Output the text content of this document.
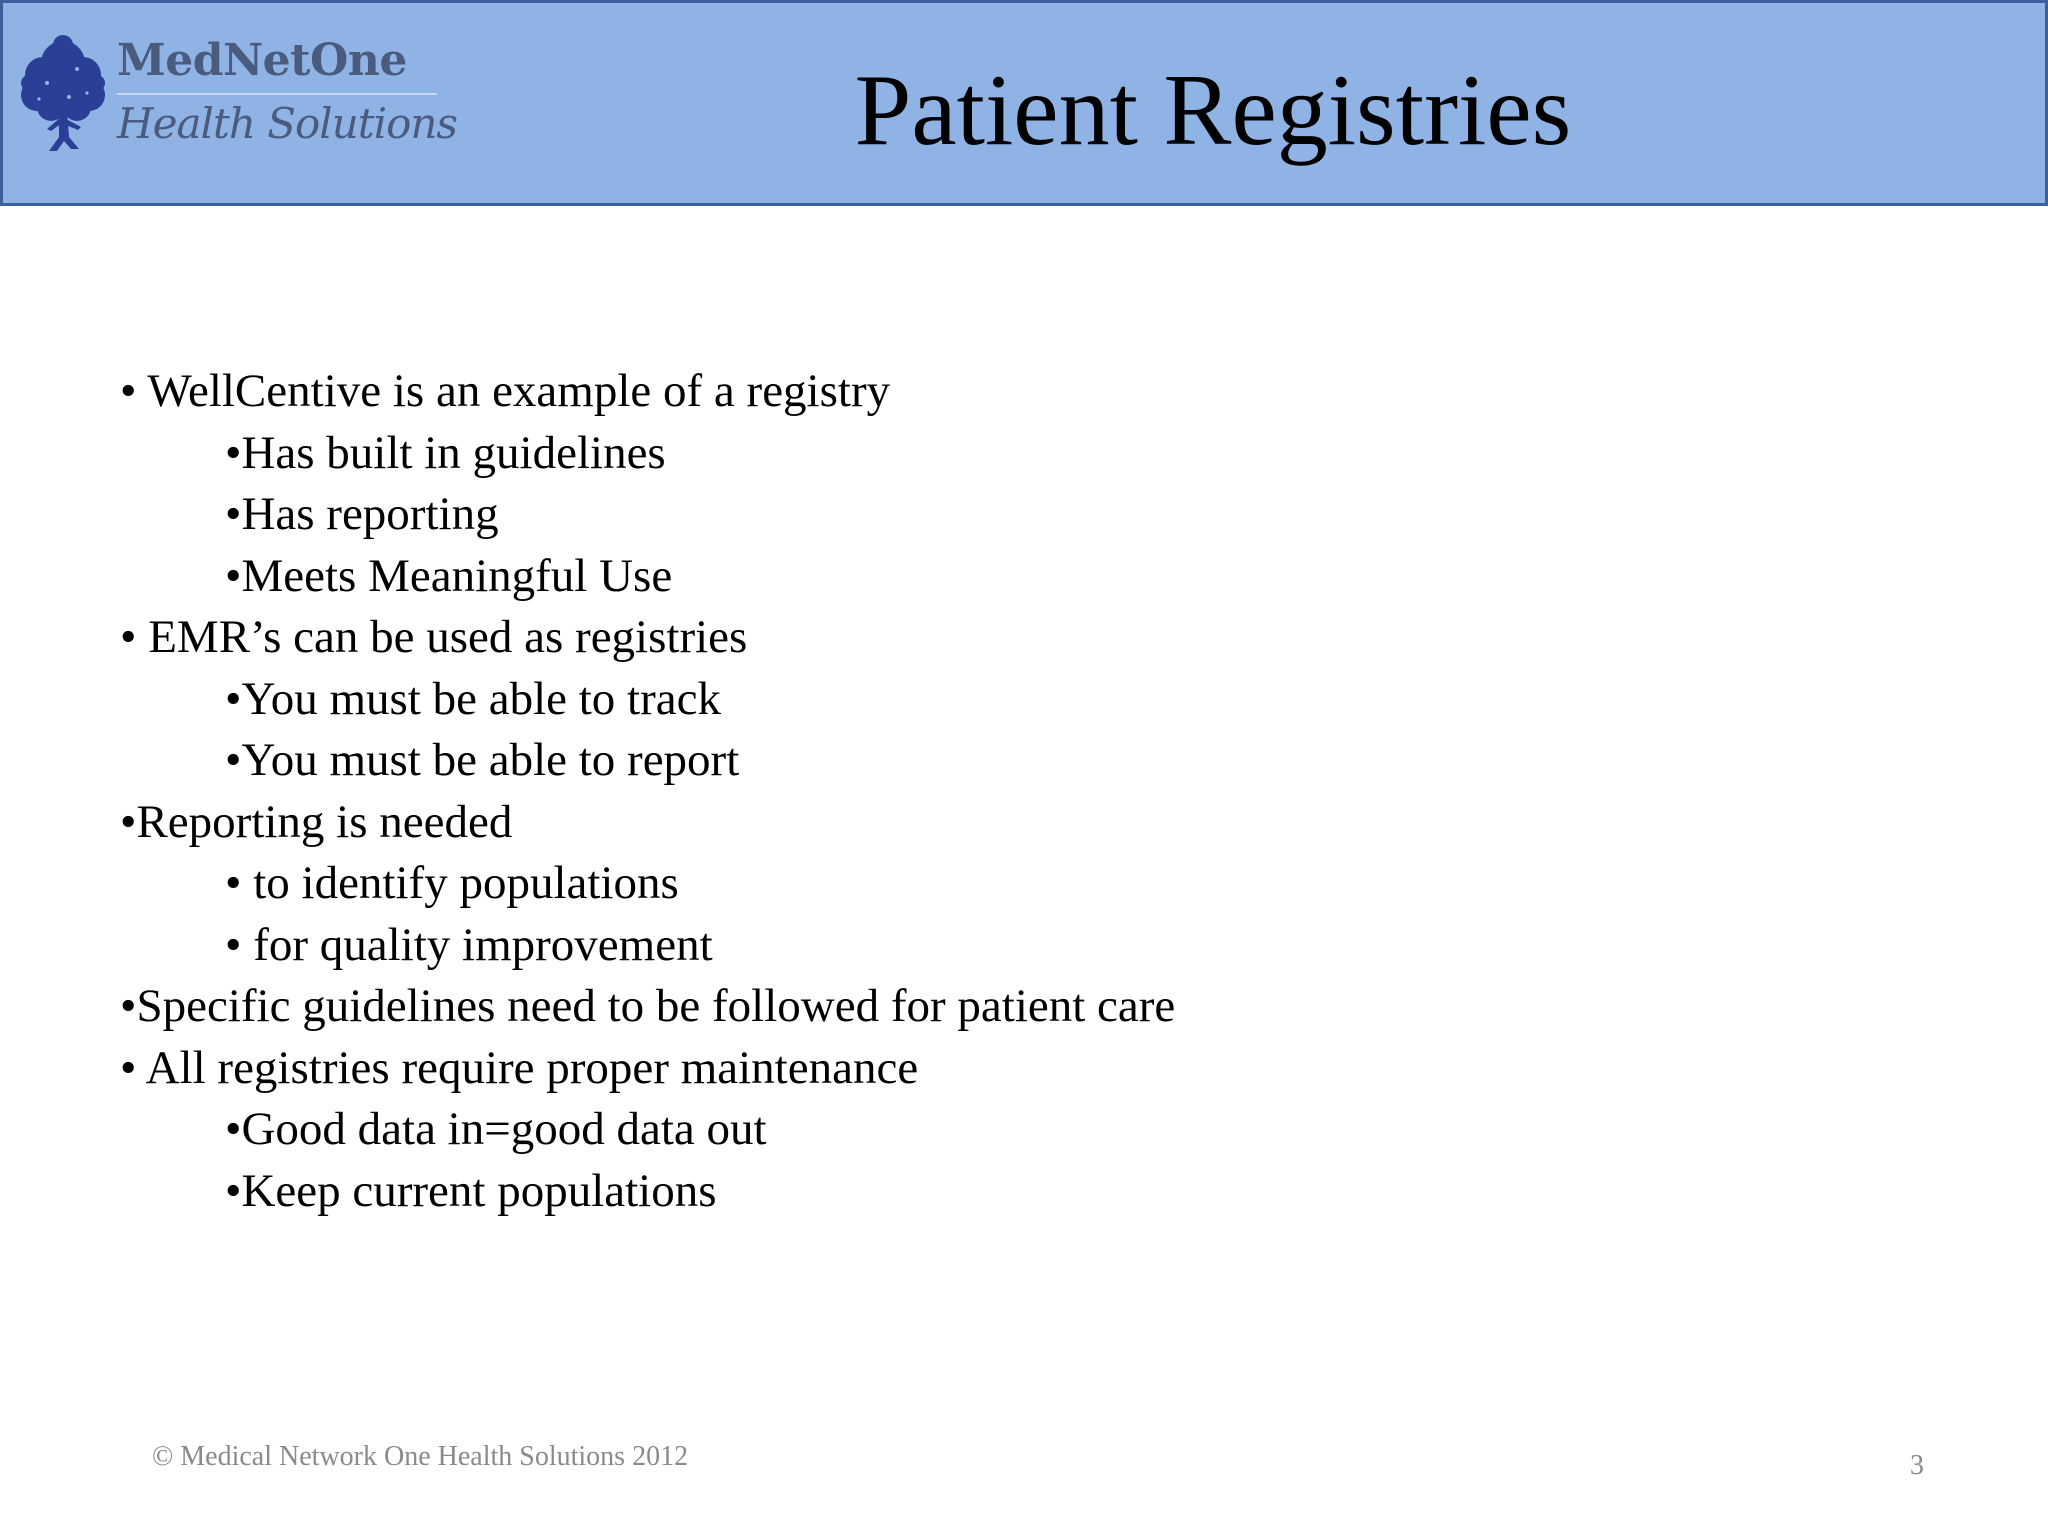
MedNetOne
Health Solutions	Patient Registries
• WellCentive is an example of a registry
•Has built in guidelines
•Has reporting
•Meets Meaningful Use
• EMR’s can be used as registries
•You must be able to track
•You must be able to report
•Reporting is needed
• to identify populations
• for quality improvement
•Specific guidelines need to be followed for patient care
• All registries require proper maintenance
•Good data in=good data out
•Keep current populations
© Medical Network One Health Solutions 2012	3
